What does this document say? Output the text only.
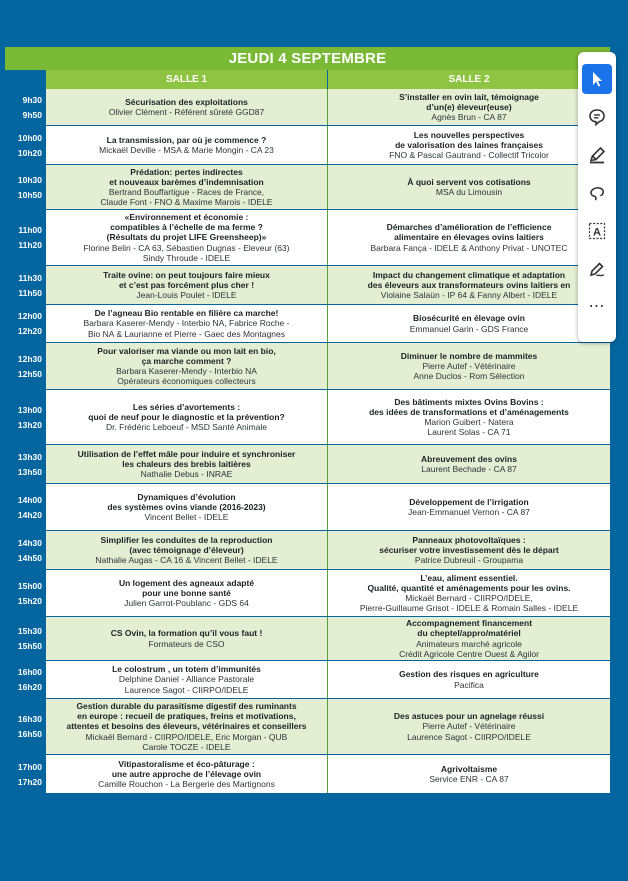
JEUDI 4 SEPTEMBRE
SALLE 1	SALLE 2
9h30
9h50
Sécurisation des exploitations
Olivier Clément - Référent sûreté GGD87
S’installer en ovin lait, témoignage
d’un(e) éleveur(euse)
Agnès Brun - CA 87
10h00
10h20
La transmission, par où je commence ?
Mickaël Deville - MSA & Marie Mongin - CA 23
Les nouvelles perspectives
de valorisation des laines françaises
FNO & Pascal Gautrand - Collectif Tricolor
10h30
10h50
Prédation: pertes indirectes
et nouveaux barèmes d’indemnisation
Bertrand Bouffartigue - Races de France,
Claude Font - FNO & Maxime Marois - IDELE
À quoi servent vos cotisations
MSA du Limousin
11h00
11h20
«Environnement et économie :
compatibles à l’échelle de ma ferme ?
(Résultats du projet LIFE Greensheep)»
Florine Belin - CA 63, Sébastien Dugnas - Eleveur (63)
Sindy Throude - IDELE
Démarches d’amélioration de l’efficience
alimentaire en élevages ovins laitiers
Barbara Fança - IDELE & Anthony Privat - UNOTEC
11h30
11h50
Traite ovine: on peut toujours faire mieux
et c’est pas forcément plus cher !
Jean-Louis Poulet - IDELE
Impact du changement climatique et adaptation
des éleveurs aux transformateurs ovins laitiers en
Violaine Salaün - IP 64 & Fanny Albert - IDELE
12h00
12h20
De l’agneau Bio rentable en filière ca marche!
Barbara Kaserer-Mendy - Interbio NA, Fabrice Roche -
Bio NA & Laurianne et Pierre - Gaec des Montagnes
Biosécurité en élevage ovin
Emmanuel Garin - GDS France
12h30
12h50
Pour valoriser ma viande ou mon lait en bio,
ça marche comment ?
Barbara Kaserer-Mendy - Interbio NA
Opérateurs économiques collecteurs
Diminuer le nombre de mammites
Pierre Autef - Vétérinaire
Anne Duclos - Rom Sélection
13h00
13h20
Les séries d’avortements :
quoi de neuf pour le diagnostic et la prévention?
Dr. Frédéric Leboeuf - MSD Santé Animale
Des bâtiments mixtes Ovins Bovins :
des idées de transformations et d’aménagements
Marion Guibert - Natera
Laurent Solas - CA 71
13h30
13h50
Utilisation de l’effet mâle pour induire et synchroniser
les chaleurs des brebis laitières
Nathalie Debus - INRAE
Abreuvement des ovins
Laurent Bechade - CA 87
14h00
14h20
Dynamiques d’évolution
des systèmes ovins viande (2016-2023)
Vincent Bellet - IDELE
Développement de l’irrigation
Jean-Emmanuel Vernon - CA 87
14h30
14h50
Simplifier les conduites de la reproduction
(avec témoignage d’éleveur)
Nathalie Augas - CA 16 & Vincent Bellet - IDELE
Panneaux photovoltaïques :
sécuriser votre investissement dès le départ
Patrice Dubreuil - Groupama
15h00
15h20
Un logement des agneaux adapté
pour une bonne santé
Julien Garrot-Poublanc - GDS 64
L’eau, aliment essentiel.
Qualité, quantité et aménagements pour les ovins.
Mickaël Bernard - CIIRPO/IDELE,
Pierre-Guillaume Grisot - IDELE & Romain Salles - IDELE
15h30
15h50
CS Ovin, la formation qu’il vous faut !
Formateurs de CSO
Accompagnement financement
du cheptel/appro/matériel
Animateurs marché agricole
Crédit Agricole Centre Ouest & Agilor
16h00
16h20
Le colostrum , un totem d’immunités
Delphine Daniel - Alliance Pastorale
Laurence Sagot - CIIRPO/IDELE
Gestion des risques en agriculture
Pacifica
16h30
16h50
Gestion durable du parasitisme digestif des ruminants
en europe : recueil de pratiques, freins et motivations,
attentes et besoins des éleveurs, vétérinaires et conseillers
Mickaël Bernard - CIIRPO/IDELE, Eric Morgan - QUB
Carole TOCZE - IDELE
Des astuces pour un agnelage réussi
Pierre Autef - Vétérinaire
Laurence Sagot - CIIRPO/IDELE
17h00
17h20
Vitipastoralisme et éco-pâturage :
une autre approche de l’élevage ovin
Camille Rouchon - La Bergerie des Martignons
Agrivoltaisme
Service ENR - CA 87
A
⋯
